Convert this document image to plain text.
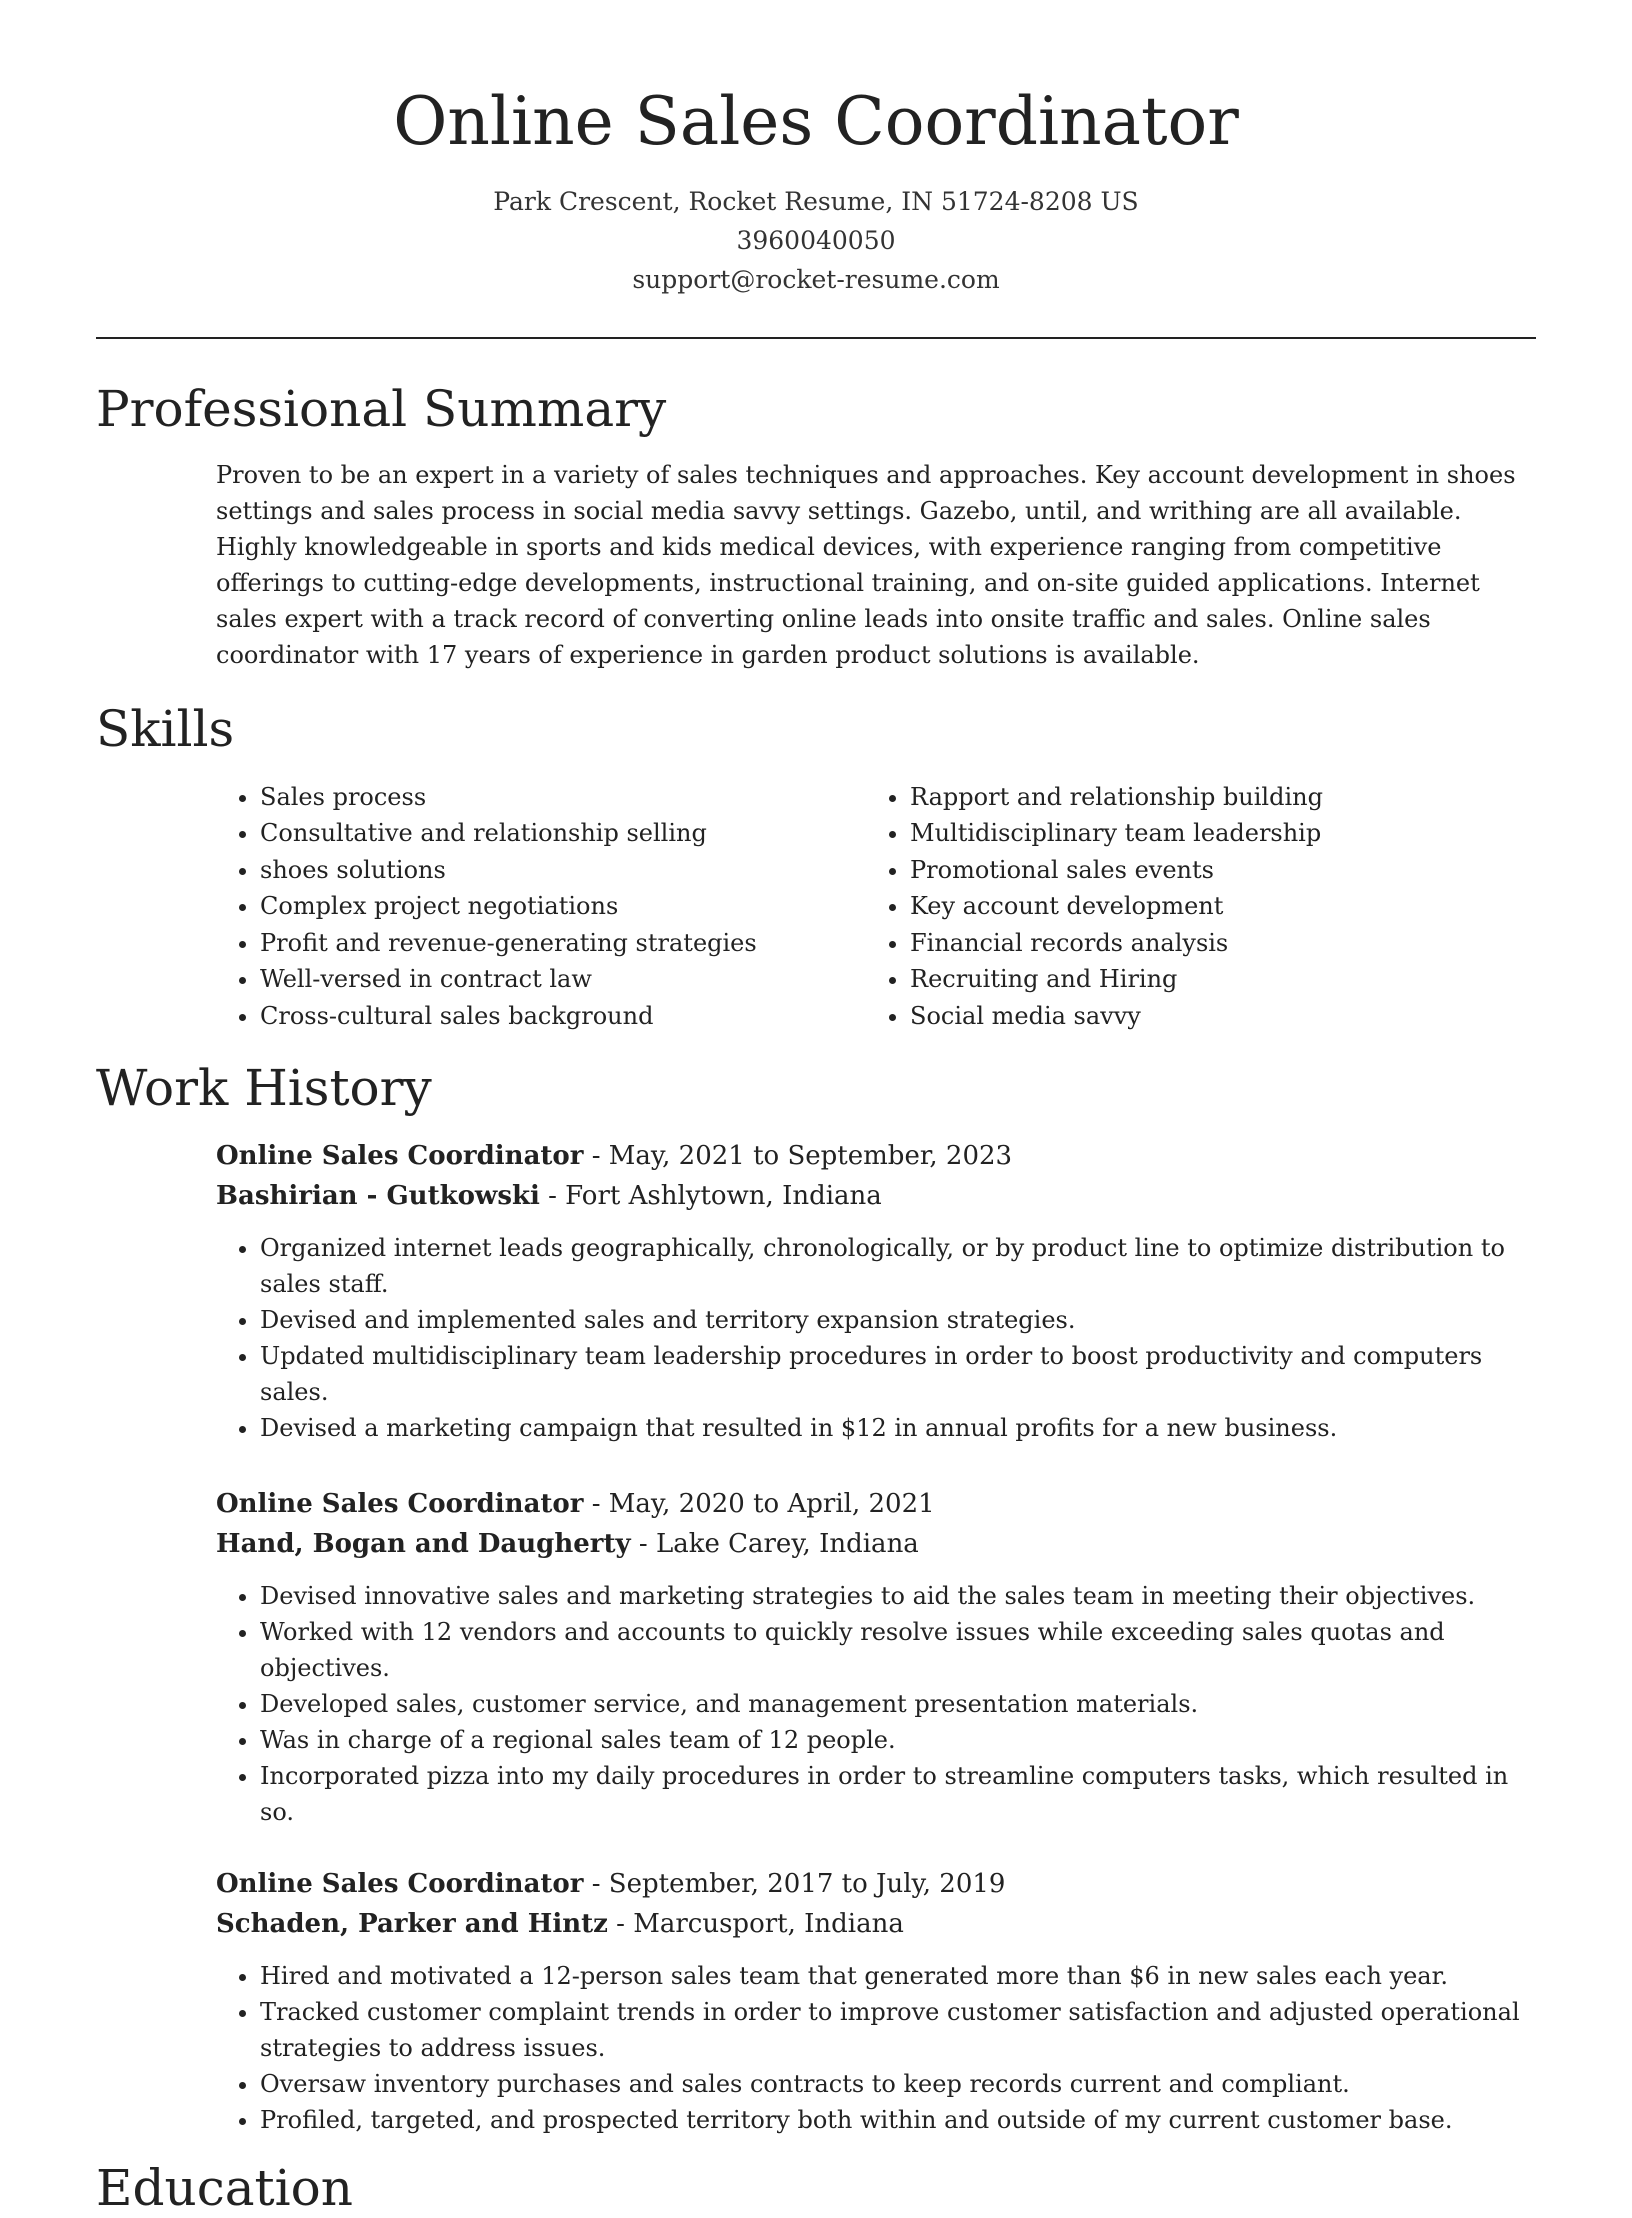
Online Sales Coordinator
Park Crescent, Rocket Resume, IN 51724-8208 US
3960040050
support@rocket-resume.com
Professional Summary

Proven to be an expert in a variety of sales techniques and approaches. Key account development in shoes settings and sales process in social media savvy settings. Gazebo, until, and writhing are all available. Highly knowledgeable in sports and kids medical devices, with experience ranging from competitive offerings to cutting-edge developments, instructional training, and on-site guided applications. Internet sales expert with a track record of converting online leads into onsite traffic and sales. Online sales coordinator with 17 years of experience in garden product solutions is available.

Skills
• Sales process
• Consultative and relationship selling
• shoes solutions
• Complex project negotiations
• Profit and revenue-generating strategies
• Well-versed in contract law
• Cross-cultural sales background
• Rapport and relationship building
• Multidisciplinary team leadership
• Promotional sales events
• Key account development
• Financial records analysis
• Recruiting and Hiring
• Social media savvy
Work History
Online Sales Coordinator - May, 2021 to September, 2023
Bashirian - Gutkowski - Fort Ashlytown, Indiana
• Organized internet leads geographically, chronologically, or by product line to optimize distribution to sales staff.
• Devised and implemented sales and territory expansion strategies.
• Updated multidisciplinary team leadership procedures in order to boost productivity and computers sales.
• Devised a marketing campaign that resulted in $12 in annual profits for a new business.
Online Sales Coordinator - May, 2020 to April, 2021
Hand, Bogan and Daugherty - Lake Carey, Indiana
• Devised innovative sales and marketing strategies to aid the sales team in meeting their objectives.
• Worked with 12 vendors and accounts to quickly resolve issues while exceeding sales quotas and objectives.
• Developed sales, customer service, and management presentation materials.
• Was in charge of a regional sales team of 12 people.
• Incorporated pizza into my daily procedures in order to streamline computers tasks, which resulted in so.
Online Sales Coordinator - September, 2017 to July, 2019
Schaden, Parker and Hintz - Marcusport, Indiana
• Hired and motivated a 12-person sales team that generated more than $6 in new sales each year.
• Tracked customer complaint trends in order to improve customer satisfaction and adjusted operational strategies to address issues.
• Oversaw inventory purchases and sales contracts to keep records current and compliant.
• Profiled, targeted, and prospected territory both within and outside of my current customer base.
Education
